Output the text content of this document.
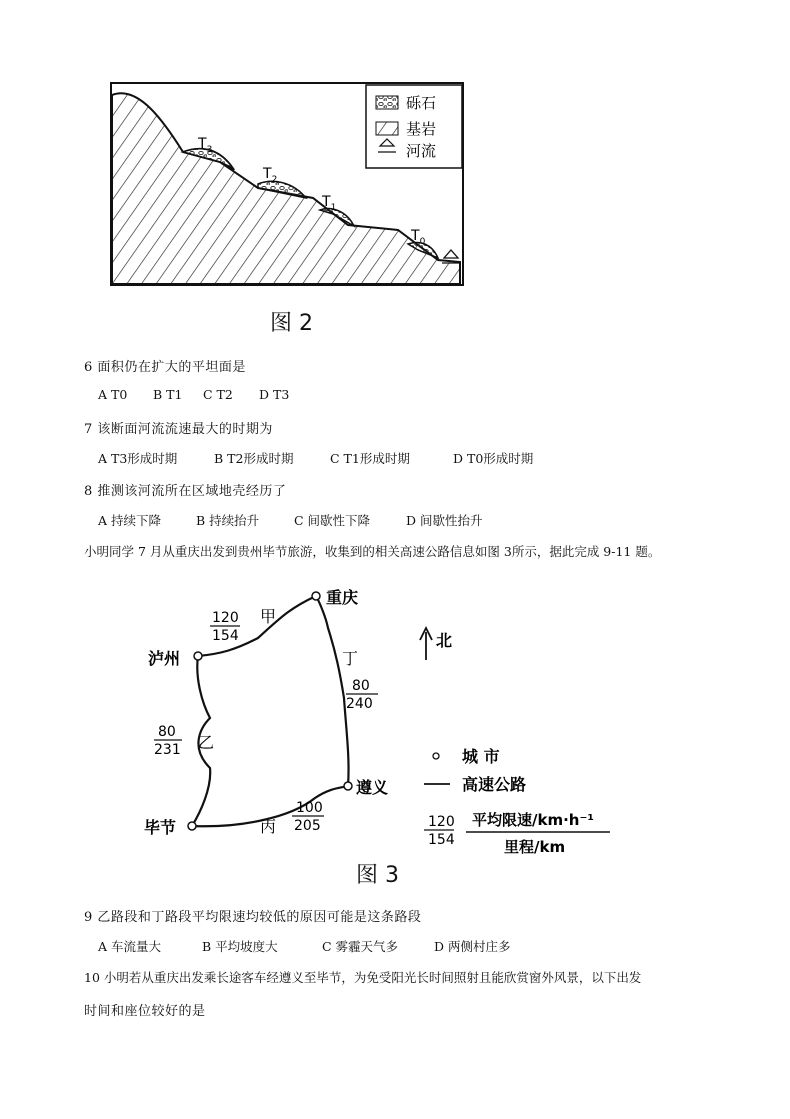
$T_3$
$T_2$
$T_1$
$T_0$
砾石
基岩
河流
图 2
6 面积仍在扩大的平坦面是
A T0 B T1 C T2 D T3
7 该断面河流流速最大的时期为
A T3形成时期	B T2形成时期	C T1形成时期	D T0形成时期
8 推测该河流所在区域地壳经历了
A 持续下降	B 持续抬升	C 间歇性下降	D 间歇性抬升
小明同学 7 月从重庆出发到贵州毕节旅游，收集到的相关高速公路信息如图 3所示，据此完成 9-11 题。
重庆
泸州
遵义
毕节
甲
120
154
乙
80
231
丙
100
205
丁
80
240
北
城 市
高速公路
120
154
平均限速/km·h⁻¹
里程/km
图 3
9 乙路段和丁路段平均限速均较低的原因可能是这条路段
A 车流量大	B 平均坡度大	C 雾霾天气多	D 两侧村庄多
10 小明若从重庆出发乘长途客车经遵义至毕节，为免受阳光长时间照射且能欣赏窗外风景，以下出发
时间和座位较好的是
